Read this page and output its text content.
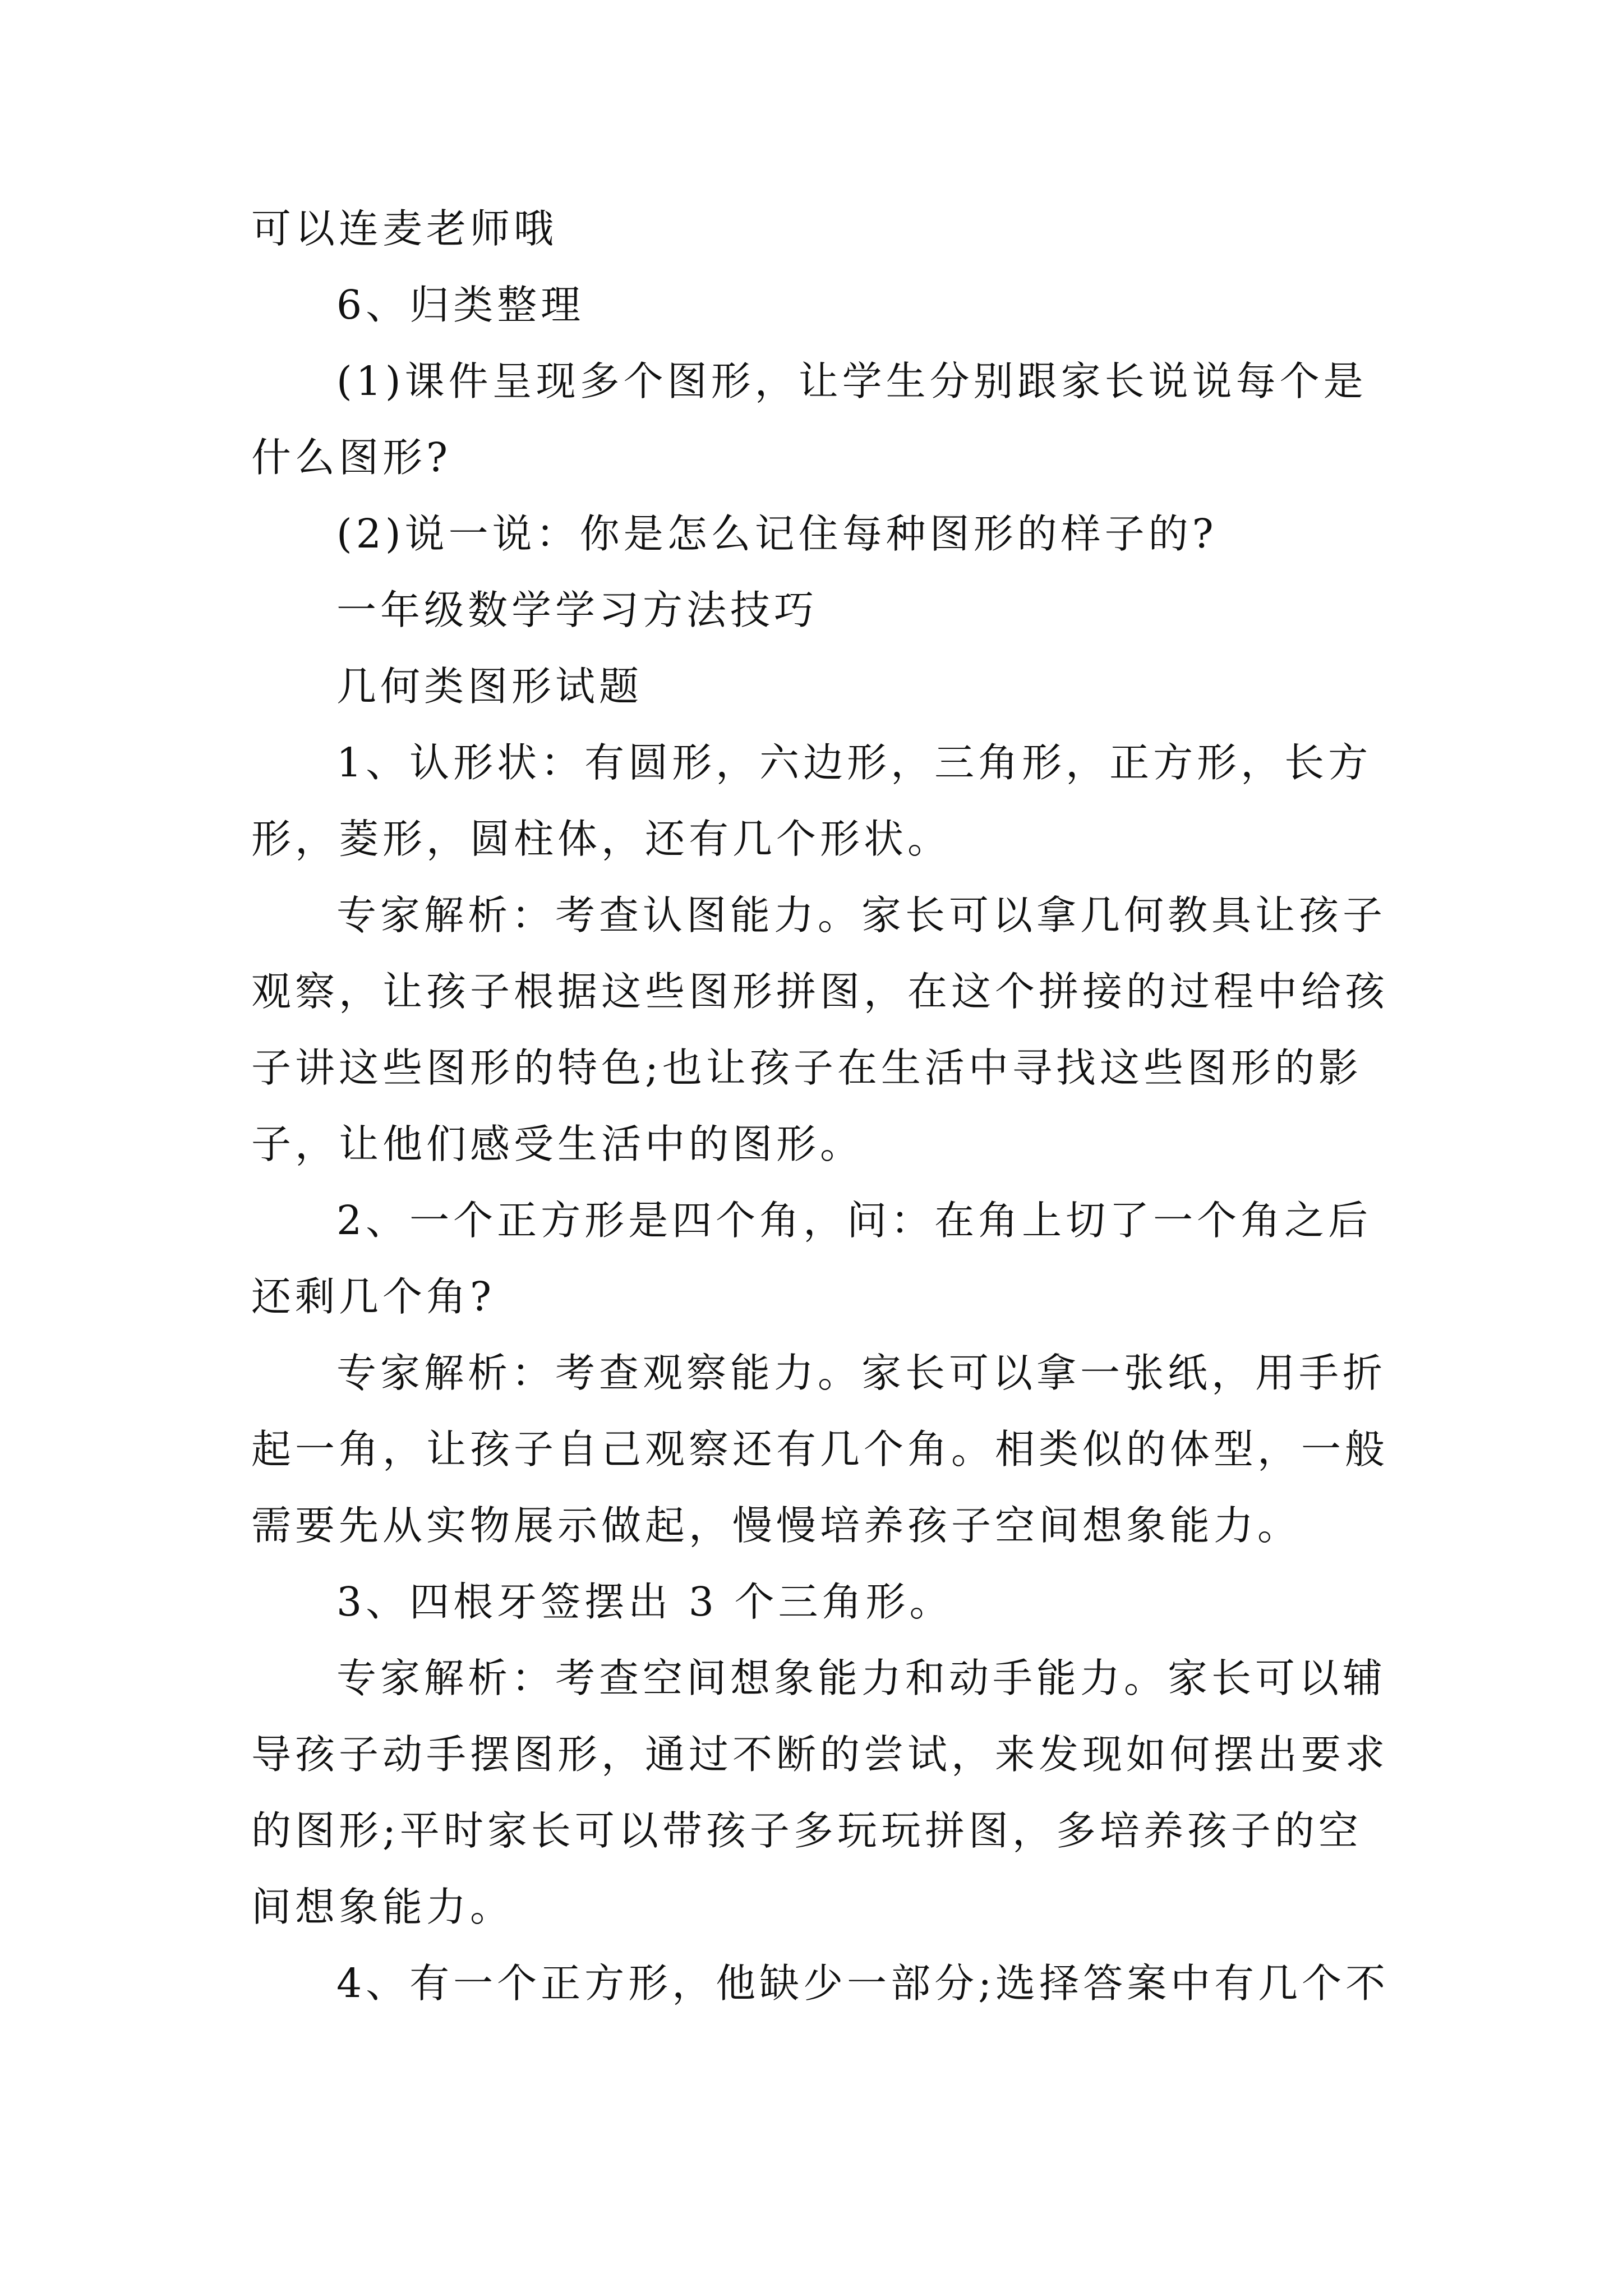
可以连麦老师哦

6、归类整理

(1)课件呈现多个图形，让学生分别跟家长说说每个是什么图形?

(2)说一说：你是怎么记住每种图形的样子的?

一年级数学学习方法技巧

几何类图形试题

1、认形状：有圆形，六边形，三角形，正方形，长方形，菱形，圆柱体，还有几个形状。

专家解析：考查认图能力。家长可以拿几何教具让孩子观察，让孩子根据这些图形拼图，在这个拼接的过程中给孩子讲这些图形的特色;也让孩子在生活中寻找这些图形的影子，让他们感受生活中的图形。

2、一个正方形是四个角，问：在角上切了一个角之后还剩几个角?

专家解析：考查观察能力。家长可以拿一张纸，用手折起一角，让孩子自己观察还有几个角。相类似的体型，一般需要先从实物展示做起，慢慢培养孩子空间想象能力。

3、四根牙签摆出 3 个三角形。

专家解析：考查空间想象能力和动手能力。家长可以辅导孩子动手摆图形，通过不断的尝试，来发现如何摆出要求的图形;平时家长可以带孩子多玩玩拼图，多培养孩子的空间想象能力。

4、有一个正方形，他缺少一部分;选择答案中有几个不
